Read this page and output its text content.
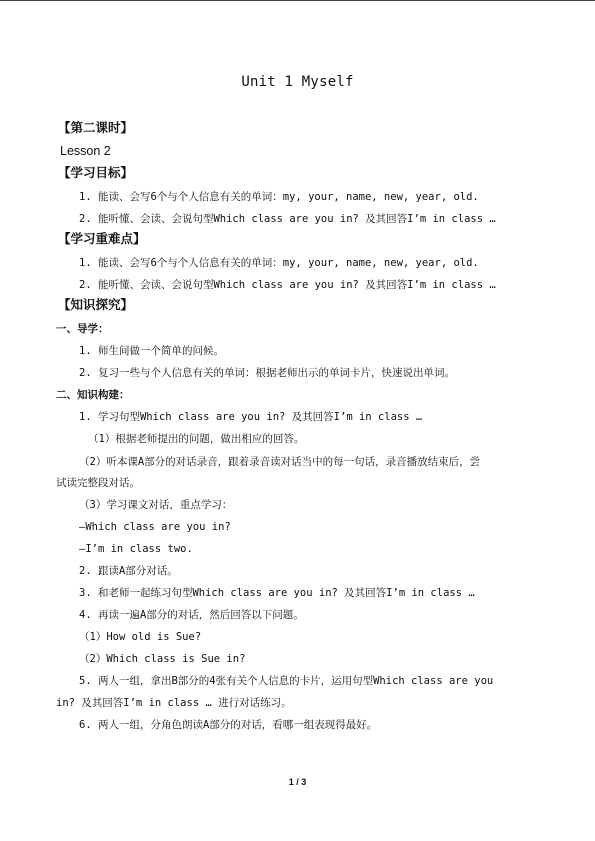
Unit 1 Myself
【第二课时】
Lesson 2
【学习目标】
1. 能读、会写6个与个人信息有关的单词：my, your, name, new, year, old.
2. 能听懂、会读、会说句型Which class are you in? 及其回答I’m in class …
【学习重难点】
1. 能读、会写6个与个人信息有关的单词：my, your, name, new, year, old.
2. 能听懂、会读、会说句型Which class are you in? 及其回答I’m in class …
【知识探究】
一、导学：
1. 师生间做一个简单的问候。
2. 复习一些与个人信息有关的单词：根据老师出示的单词卡片，快速说出单词。
二、知识构建：
1. 学习句型Which class are you in? 及其回答I’m in class …
（1）根据老师提出的问题，做出相应的回答。
（2）听本课A部分的对话录音，跟着录音读对话当中的每一句话，录音播放结束后，尝
试读完整段对话。
（3）学习课文对话，重点学习：
—Which class are you in?
—I’m in class two.
2. 跟读A部分对话。
3. 和老师一起练习句型Which class are you in? 及其回答I’m in class …
4. 再读一遍A部分的对话，然后回答以下问题。
（1）How old is Sue?
（2）Which class is Sue in?
5. 两人一组，拿出B部分的4张有关个人信息的卡片，运用句型Which class are you
in? 及其回答I’m in class … 进行对话练习。
6. 两人一组，分角色朗读A部分的对话，看哪一组表现得最好。
1 / 3
